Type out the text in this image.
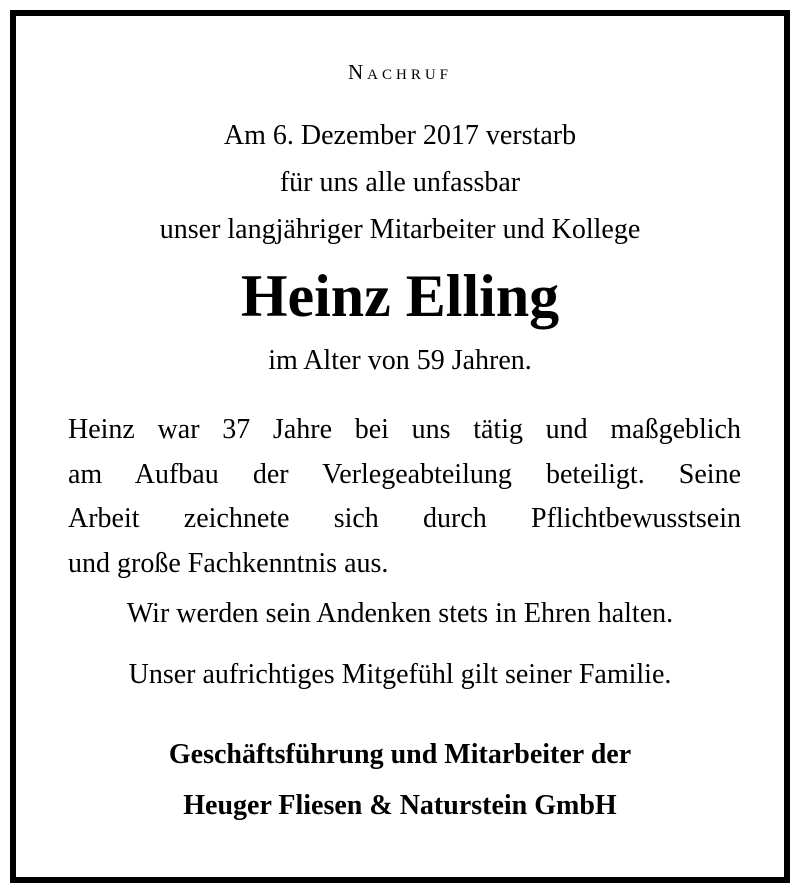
Nachruf
Am 6. Dezember 2017 verstarb
für uns alle unfassbar
unser langjähriger Mitarbeiter und Kollege
Heinz Elling
im Alter von 59 Jahren.
Heinz war 37 Jahre bei uns tätig und maßgeblich
am Aufbau der Verlegeabteilung beteiligt. Seine
Arbeit zeichnete sich durch Pflichtbewusstsein
und große Fachkenntnis aus.
Wir werden sein Andenken stets in Ehren halten.
Unser aufrichtiges Mitgefühl gilt seiner Familie.
Geschäftsführung und Mitarbeiter der
Heuger Fliesen & Naturstein GmbH
